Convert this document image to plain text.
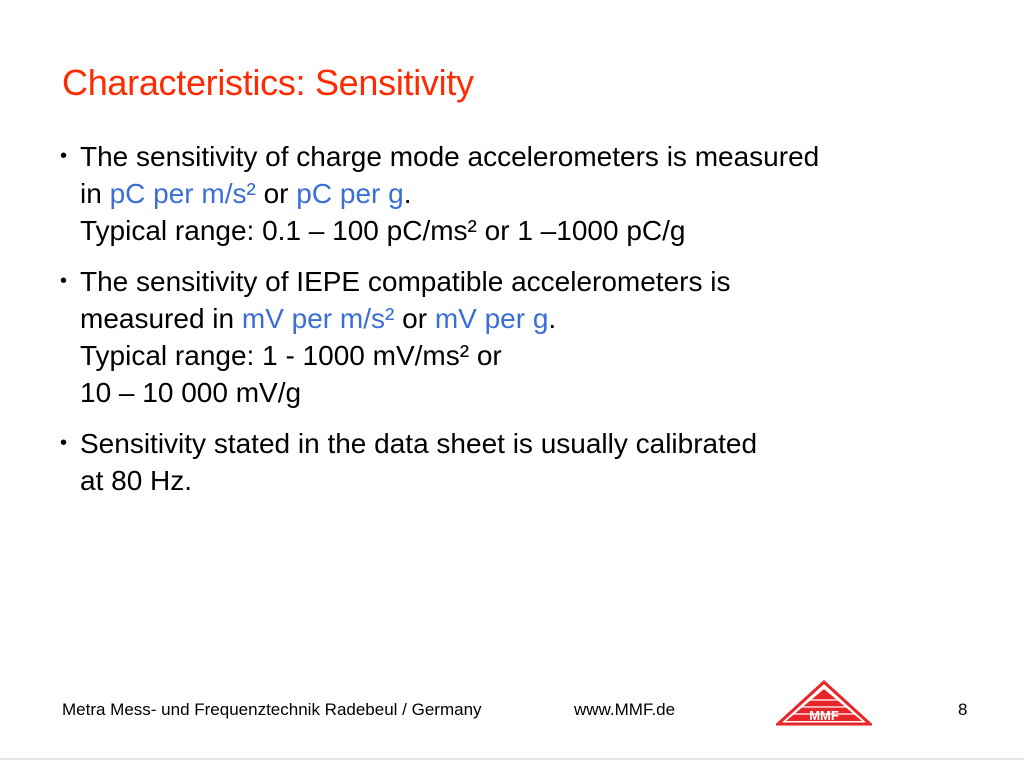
Characteristics: Sensitivity
• The sensitivity of charge mode accelerometers is measured
in pC per m/s² or pC per g.
Typical range: 0.1 – 100 pC/ms² or 1 –1000 pC/g
• The sensitivity of IEPE compatible accelerometers is
measured in mV per m/s² or mV per g.
Typical range: 1 - 1000 mV/ms² or
10 – 10 000 mV/g
• Sensitivity stated in the data sheet is usually calibrated
at 80 Hz.
Metra Mess- und Frequenztechnik Radebeul / Germany	www.MMF.de	MMF	8
